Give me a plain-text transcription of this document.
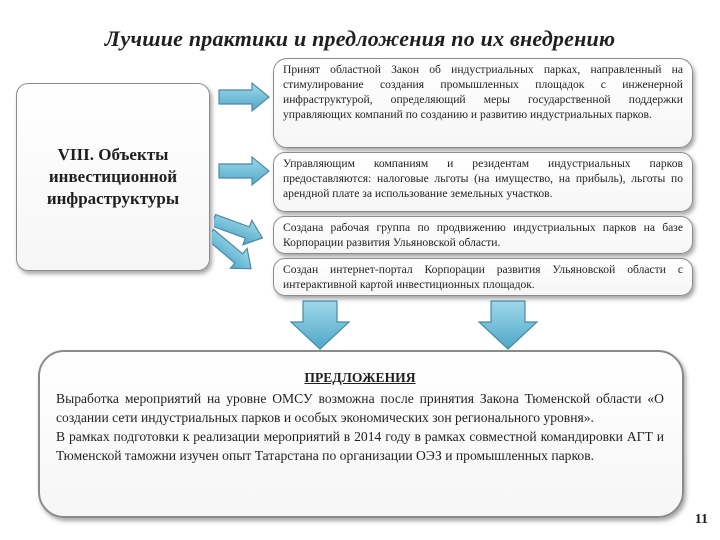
Лучшие практики и предложения по их внедрению
VIII. Объекты инвестиционной инфраструктуры

Принят областной Закон об индустриальных парках, направленный на стимулирование создания промышленных площадок с инженерной инфраструктурой, определяющий меры государственной поддержки управляющих компаний по созданию и развитию индустриальных парков.

Управляющим компаниям и резидентам индустриальных парков предоставляются: налоговые льготы (на имущество, на прибыль), льготы по арендной плате за использование земельных участков.

Создана рабочая группа по продвижению индустриальных парков на базе Корпорации развития Ульяновской области.

Создан интернет-портал Корпорации развития Ульяновской области с интерактивной картой инвестиционных площадок.

ПРЕДЛОЖЕНИЯ

Выработка мероприятий на уровне ОМСУ возможна после принятия Закона Тюменской области «О создании сети индустриальных парков и особых экономических зон регионального уровня».

В рамках подготовки к реализации мероприятий в 2014 году в рамках совместной командировки АГТ и Тюменской таможни изучен опыт Татарстана по организации ОЭЗ и промышленных парков.

11
